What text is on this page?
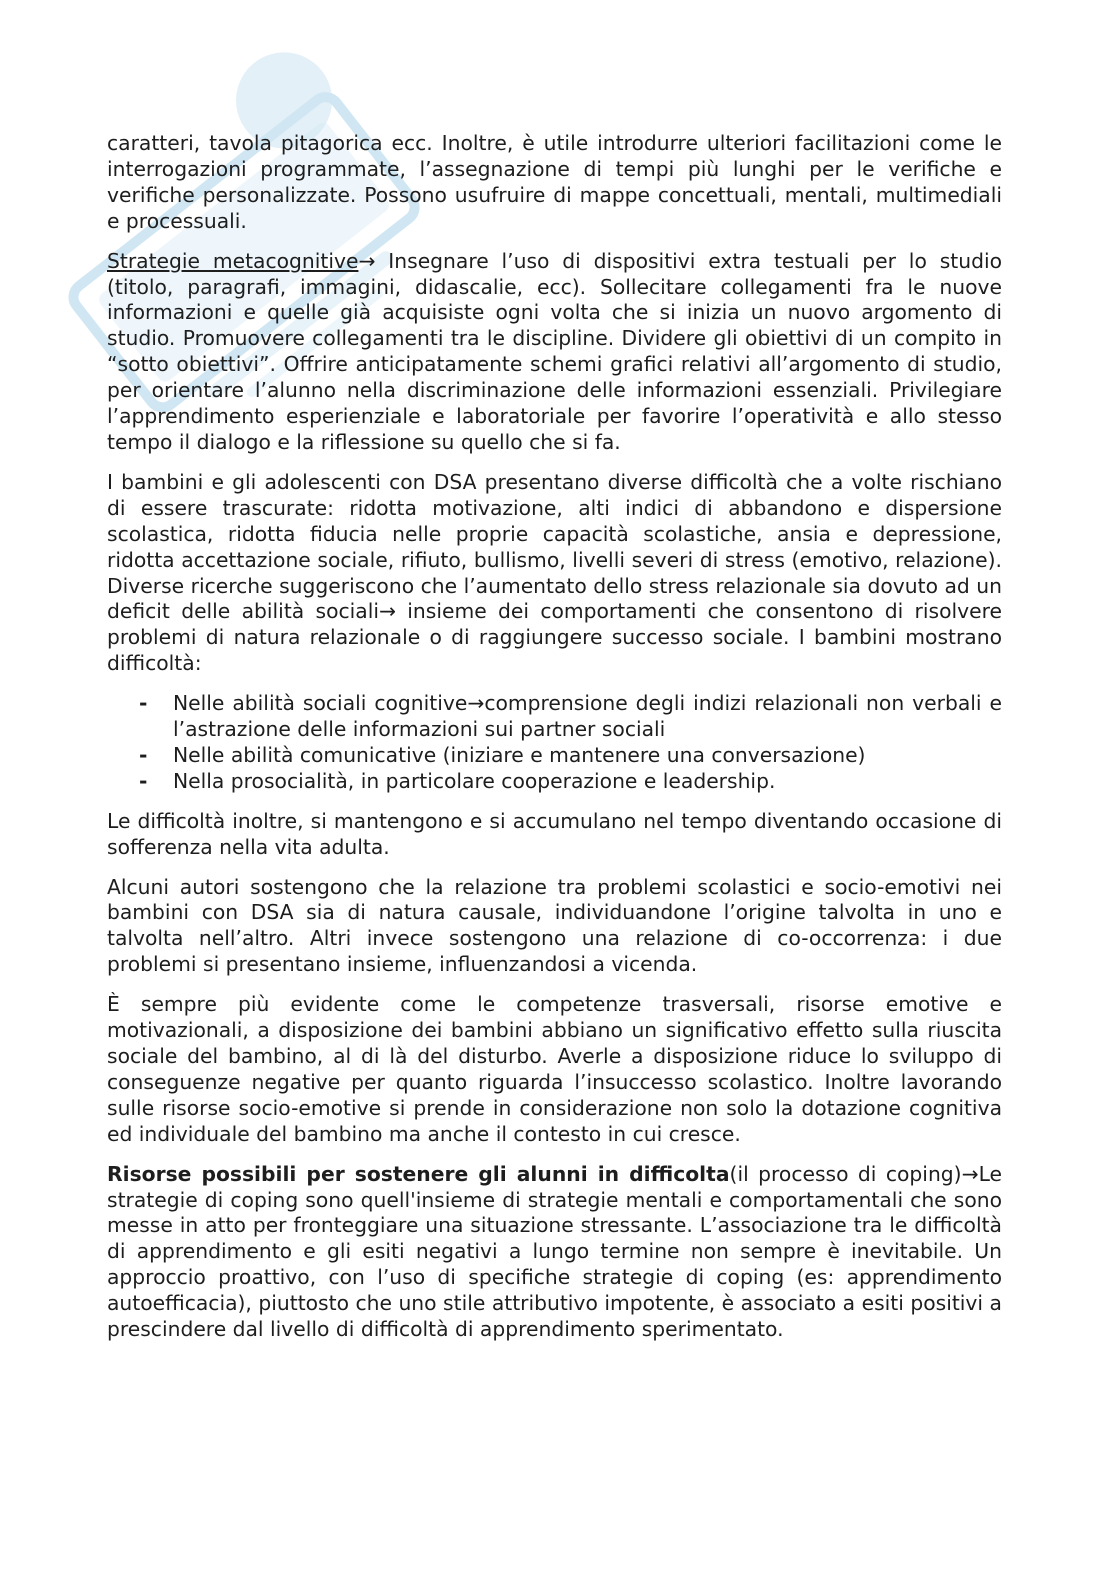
caratteri, tavola pitagorica ecc. Inoltre, è utile introdurre ulteriori facilitazioni come le interrogazioni programmate, l’assegnazione di tempi più lunghi per le verifiche e verifiche personalizzate. Possono usufruire di mappe concettuali, mentali, multimediali e processuali.

Strategie metacognitive→ Insegnare l’uso di dispositivi extra testuali per lo studio (titolo, paragrafi, immagini, didascalie, ecc). Sollecitare collegamenti fra le nuove informazioni e quelle già acquisiste ogni volta che si inizia un nuovo argomento di studio. Promuovere collegamenti tra le discipline. Dividere gli obiettivi di un compito in “sotto obiettivi”. Offrire anticipatamente schemi grafici relativi all’argomento di studio, per orientare l’alunno nella discriminazione delle informazioni essenziali. Privilegiare l’apprendimento esperienziale e laboratoriale per favorire l’operatività e allo stesso tempo il dialogo e la riflessione su quello che si fa.

I bambini e gli adolescenti con DSA presentano diverse difficoltà che a volte rischiano di essere trascurate: ridotta motivazione, alti indici di abbandono e dispersione scolastica, ridotta fiducia nelle proprie capacità scolastiche, ansia e depressione, ridotta accettazione sociale, rifiuto, bullismo, livelli severi di stress (emotivo, relazione). Diverse ricerche suggeriscono che l’aumentato dello stress relazionale sia dovuto ad un deficit delle abilità sociali→ insieme dei comportamenti che consentono di risolvere problemi di natura relazionale o di raggiungere successo sociale. I bambini mostrano difficoltà:

- Nelle abilità sociali cognitive→comprensione degli indizi relazionali non verbali e l’astrazione delle informazioni sui partner sociali
- Nelle abilità comunicative (iniziare e mantenere una conversazione)
- Nella prosocialità, in particolare cooperazione e leadership.

Le difficoltà inoltre, si mantengono e si accumulano nel tempo diventando occasione di sofferenza nella vita adulta.

Alcuni autori sostengono che la relazione tra problemi scolastici e socio-emotivi nei bambini con DSA sia di natura causale, individuandone l’origine talvolta in uno e talvolta nell’altro. Altri invece sostengono una relazione di co-occorrenza: i due problemi si presentano insieme, influenzandosi a vicenda.

È sempre più evidente come le competenze trasversali, risorse emotive e motivazionali, a disposizione dei bambini abbiano un significativo effetto sulla riuscita sociale del bambino, al di là del disturbo. Averle a disposizione riduce lo sviluppo di conseguenze negative per quanto riguarda l’insuccesso scolastico. Inoltre lavorando sulle risorse socio-emotive si prende in considerazione non solo la dotazione cognitiva ed individuale del bambino ma anche il contesto in cui cresce.

Risorse possibili per sostenere gli alunni in difficolta(il processo di coping)→Le strategie di coping sono quell'insieme di strategie mentali e comportamentali che sono messe in atto per fronteggiare una situazione stressante. L’associazione tra le difficoltà di apprendimento e gli esiti negativi a lungo termine non sempre è inevitabile. Un approccio proattivo, con l’uso di specifiche strategie di coping (es: apprendimento autoefficacia), piuttosto che uno stile attributivo impotente, è associato a esiti positivi a prescindere dal livello di difficoltà di apprendimento sperimentato.
